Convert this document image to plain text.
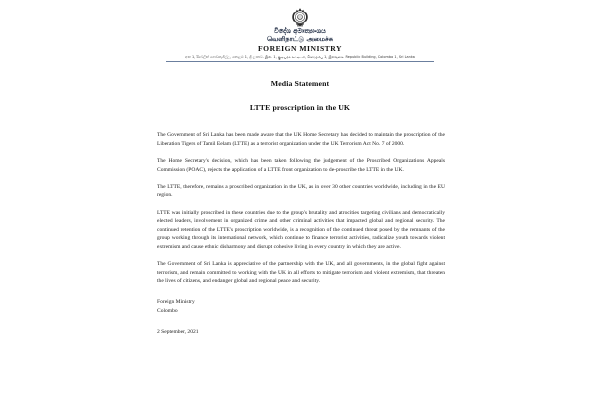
විදේශ අමාත්‍යාංශය
வெளிநாட்டு அமைச்சு
FOREIGN MINISTRY
අංක 1, රිපබ්ලික් ගොඩනැගිල්ල, කොළඹ 1, ශ්‍රී ලංකාව. இல. 1, குடியரசு கட்டிடம், கொழும்பு 1, இலங்கை. Republic Building, Colombo 1, Sri Lanka
Media Statement
LTTE proscription in the UK

The Government of Sri Lanka has been made aware that the UK Home Secretary has decided to maintain the proscription of the Liberation Tigers of Tamil Eelam (LTTE) as a terrorist organization under the UK Terrorism Act No. 7 of 2000.

The Home Secretary's decision, which has been taken following the judgement of the Proscribed Organizations Appeals Commission (POAC), rejects the application of a LTTE front organization to de-proscribe the LTTE in the UK.

The LTTE, therefore, remains a proscribed organization in the UK, as in over 30 other countries worldwide, including in the EU region.

LTTE was initially proscribed in these countries due to the group's brutality and atrocities targeting civilians and democratically elected leaders, involvement in organized crime and other criminal activities that impacted global and regional security. The continued retention of the LTTE's proscription worldwide, is a recognition of the continued threat posed by the remnants of the group working through its international network, which continue to finance terrorist activities, radicalize youth towards violent extremism and cause ethnic disharmony and disrupt cohesive living in every country in which they are active.

The Government of Sri Lanka is appreciative of the partnership with the UK, and all governments, in the global fight against terrorism, and remain committed to working with the UK in all efforts to mitigate terrorism and violent extremism, that threaten the lives of citizens, and endanger global and regional peace and security.

Foreign Ministry
Colombo
2 September, 2021
